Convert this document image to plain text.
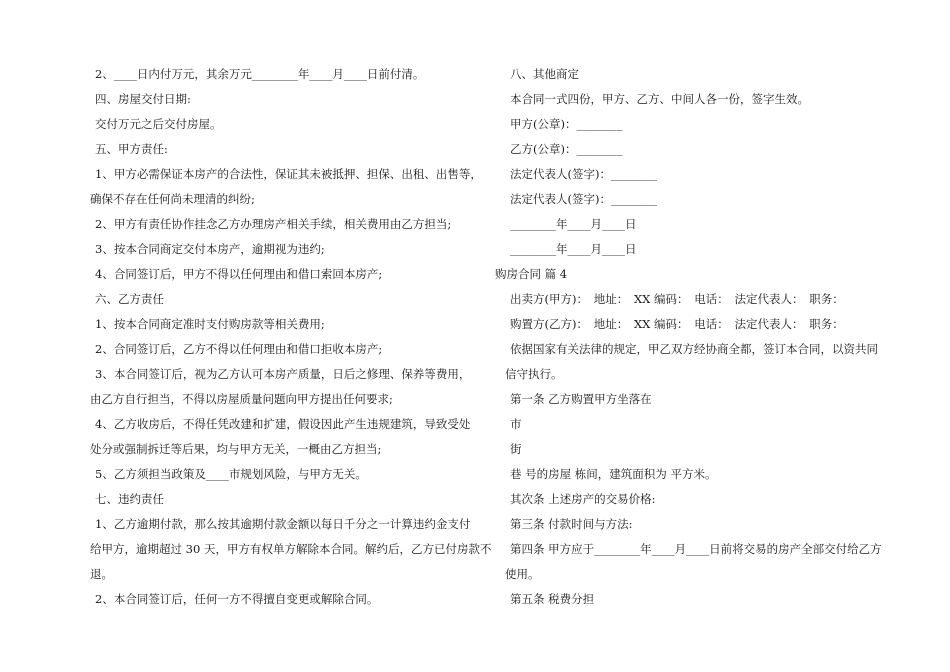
2、____日内付万元，其余万元________年____月____日前付清。

四、房屋交付日期:

交付万元之后交付房屋。

五、甲方责任:

1、甲方必需保证本房产的合法性，保证其未被抵押、担保、出租、出售等，

确保不存在任何尚未理清的纠纷;

2、甲方有责任协作挂念乙方办理房产相关手续，相关费用由乙方担当;

3、按本合同商定交付本房产，逾期视为违约;

4、合同签订后，甲方不得以任何理由和借口索回本房产;

六、乙方责任

1、按本合同商定准时支付购房款等相关费用;

2、合同签订后，乙方不得以任何理由和借口拒收本房产;

3、本合同签订后，视为乙方认可本房产质量，日后之修理、保养等费用，

由乙方自行担当，不得以房屋质量问题向甲方提出任何要求;

4、乙方收房后，不得任凭改建和扩建，假设因此产生违规建筑，导致受处

处分或强制拆迁等后果，均与甲方无关，一概由乙方担当;

5、乙方须担当政策及____市规划风险，与甲方无关。

七、违约责任

1、乙方逾期付款，那么按其逾期付款金额以每日千分之一计算违约金支付

给甲方，逾期超过 30 天，甲方有权单方解除本合同。解约后，乙方已付房款不

退。

2、本合同签订后，任何一方不得擅自变更或解除合同。

八、其他商定

本合同一式四份，甲方、乙方、中间人各一份，签字生效。

甲方(公章)：________

乙方(公章)：________

法定代表人(签字)：________

法定代表人(签字)：________

________年____月____日

________年____月____日

购房合同 篇 4

出卖方(甲方)：　地址：　XX 编码：　电话：　法定代表人：　职务：

购置方(乙方)：　地址：　XX 编码：　电话：　法定代表人：　职务：

依据国家有关法律的规定，甲乙双方经协商全都，签订本合同，以资共同

信守执行。

第一条 乙方购置甲方坐落在

市

街

巷 号的房屋 栋间，建筑面积为 平方米。

其次条 上述房产的交易价格:

第三条 付款时间与方法:

第四条 甲方应于________年____月____日前将交易的房产全部交付给乙方

使用。

第五条 税费分担
